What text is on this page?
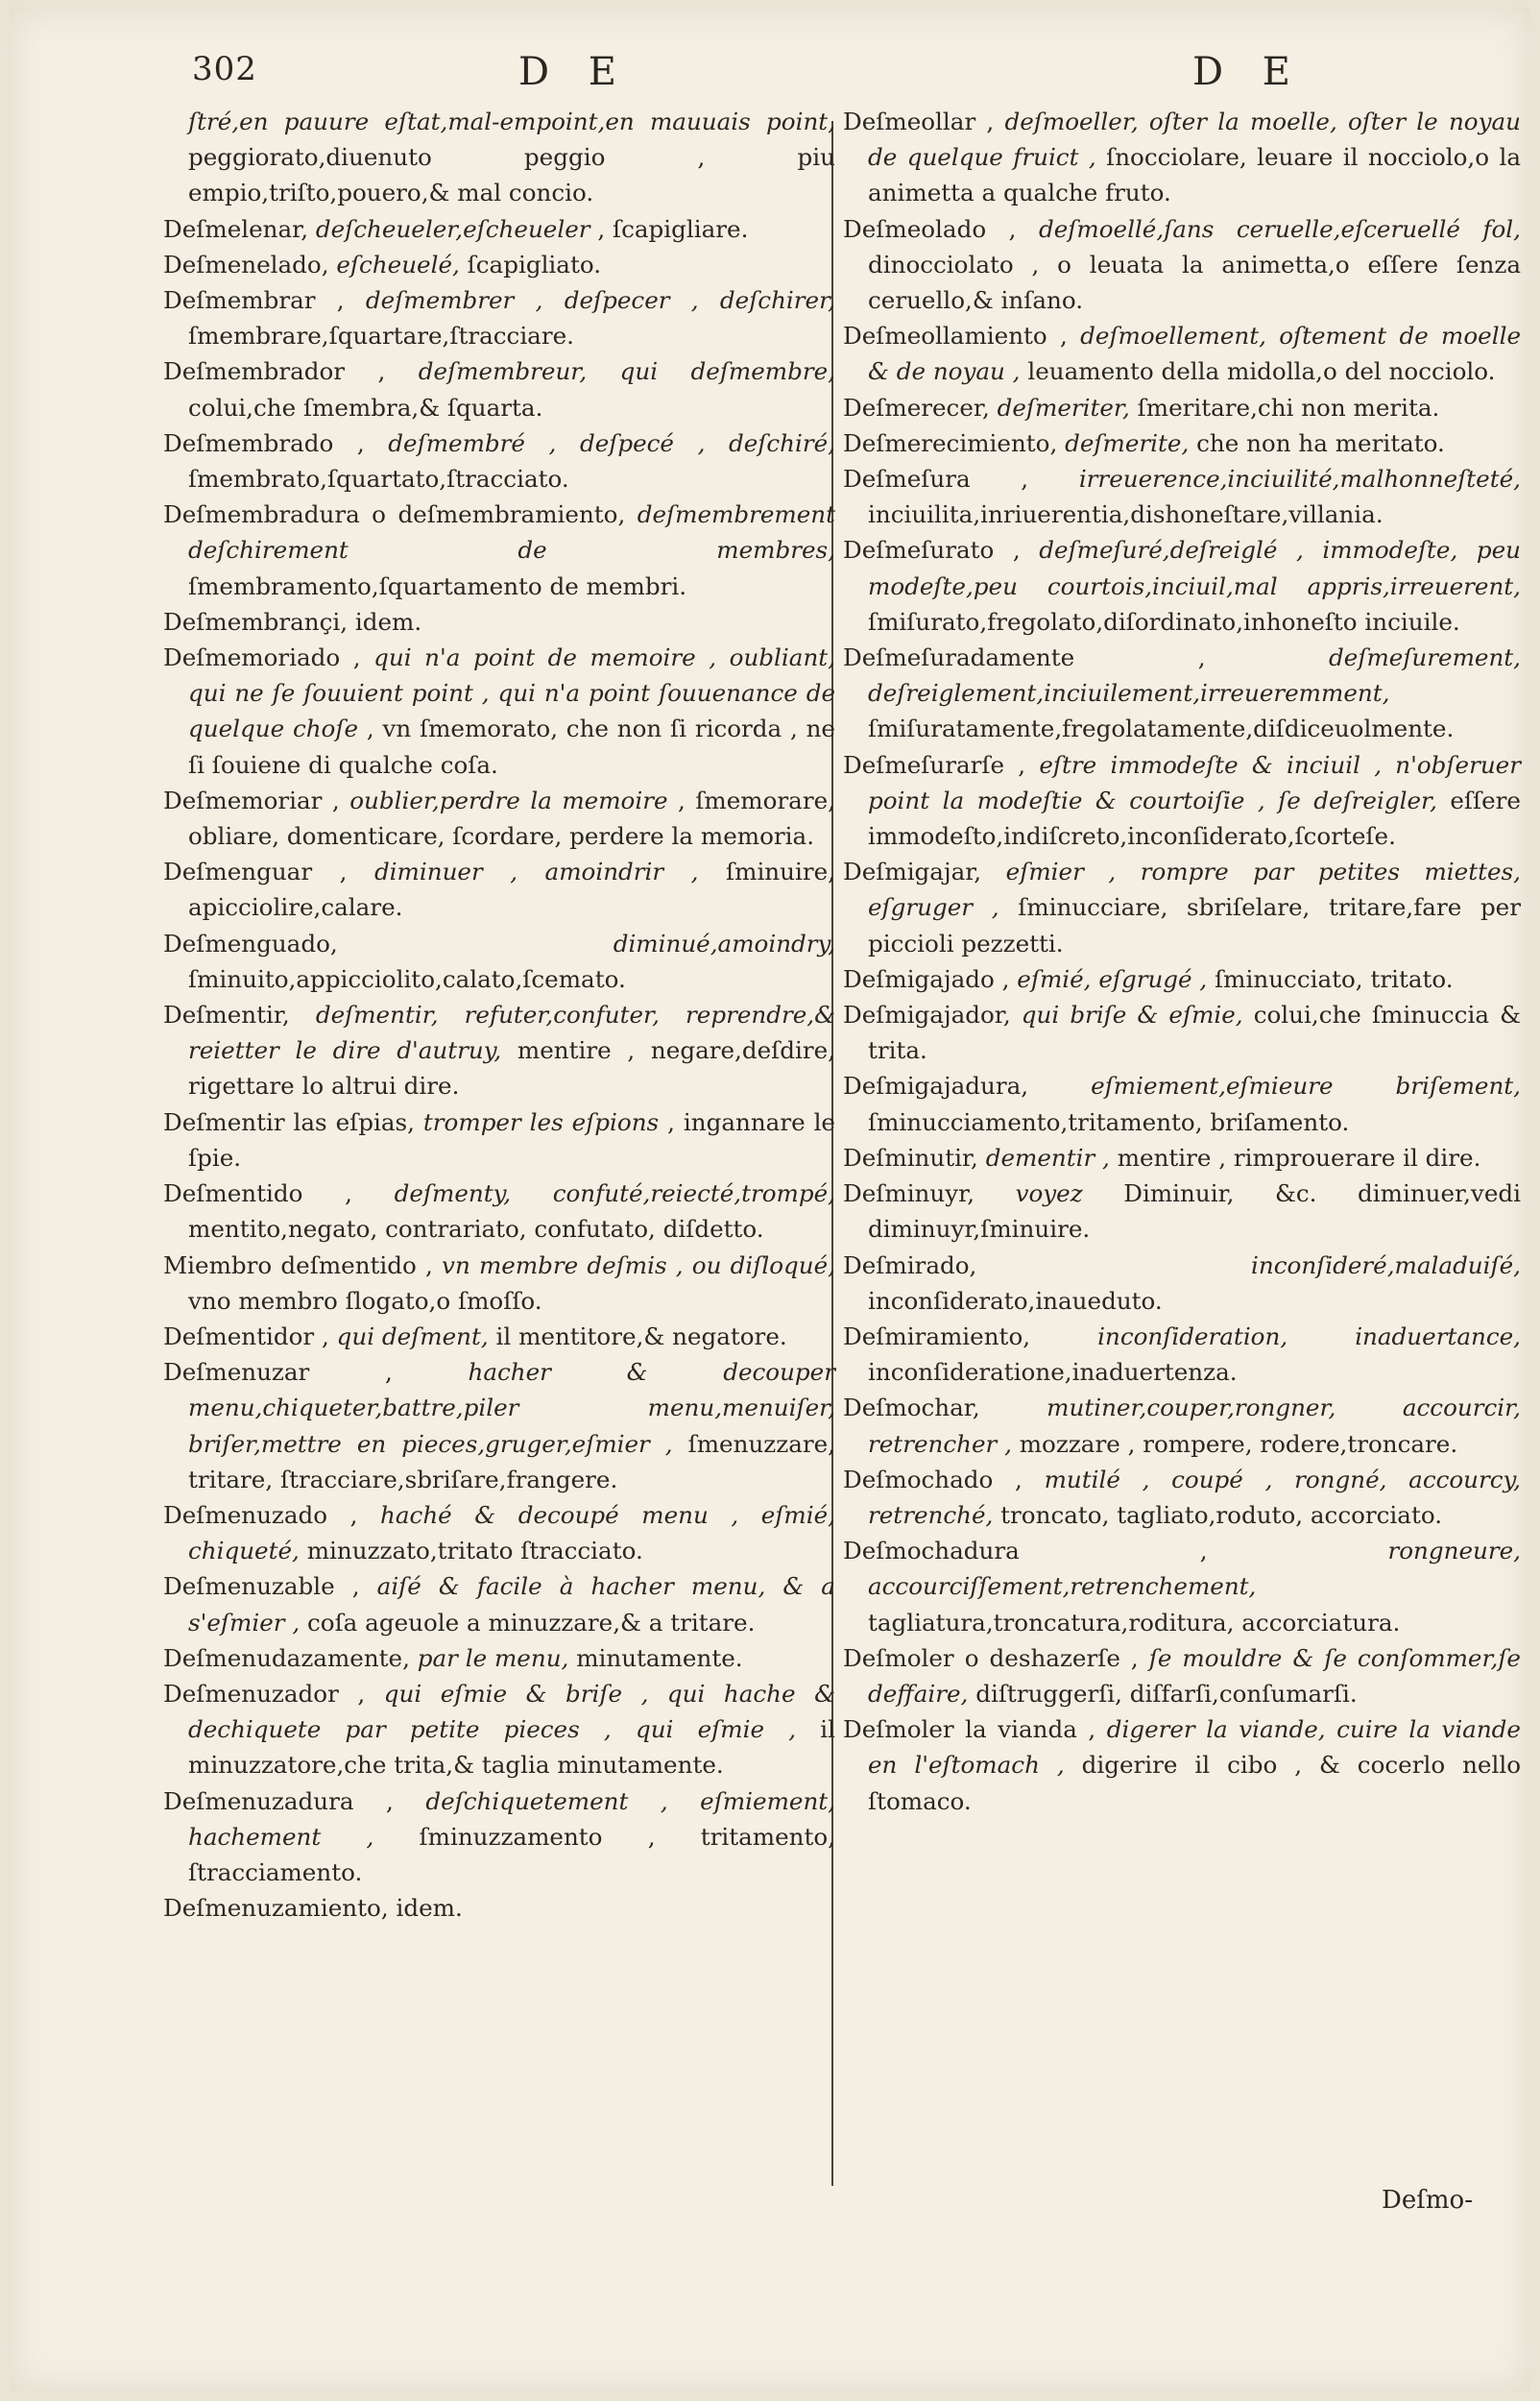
302	D E	D E

ſtré,en pauure eſtat,mal-empoint,en mauuais point, peggiorato,diuenuto peggio , piu empio,triſto,pouero,& mal concio.

Deſmelenar, deſcheueler,eſcheueler , ſcapigliare.

Deſmenelado, eſcheuelé, ſcapigliato.

Deſmembrar , deſmembrer , deſpecer , deſchirer, ſmembrare,ſquartare,ſtracciare.

Deſmembrador , deſmembreur, qui deſmembre, colui,che ſmembra,& ſquarta.

Deſmembrado , deſmembré , deſpecé , deſchiré, ſmembrato,ſquartato,ſtracciato.

Deſmembradura o deſmembramiento, deſmembrement deſchirement de membres, ſmembramento,ſquartamento de membri.

Deſmembrançi, idem.

Deſmemoriado , qui n'a point de memoire , oubliant, qui ne ſe ſouuient point , qui n'a point ſouuenance de quelque choſe , vn ſmemorato, che non ſi ricorda , ne ſi ſouiene di qualche coſa.

Deſmemoriar , oublier,perdre la memoire , ſmemorare, obliare, domenticare, ſcordare, perdere la memoria.

Deſmenguar , diminuer , amoindrir , ſminuire, apicciolire,calare.

Deſmenguado,	diminué,amoindry, ſminuito,appicciolito,calato,ſcemato.

Deſmentir, deſmentir, refuter,confuter, reprendre,& reietter le dire d'autruy, mentire , negare,deſdire, rigettare lo altrui dire.

Deſmentir las eſpias, tromper les eſpions , ingannare le ſpie.

Deſmentido , deſmenty, confuté,reiecté,trompé, mentito,negato, contrariato, confutato, diſdetto.

Miembro deſmentido , vn membre deſmis , ou diſloqué, vno membro ſlogato,o ſmoſſo.

Deſmentidor , qui deſment, il mentitore,& negatore.

Deſmenuzar ,	hacher & decouper menu,chiqueter,battre,piler menu,menuiſer, briſer,mettre en pieces,gruger,eſmier , ſmenuzzare, tritare, ſtracciare,sbriſare,frangere.

Deſmenuzado , haché & decoupé menu , eſmié, chiqueté, minuzzato,tritato ſtracciato.

Deſmenuzable , aiſé & facile à hacher menu, & a s'eſmier , coſa ageuole a minuzzare,& a tritare.

Deſmenudazamente, par le menu, minutamente.

Deſmenuzador , qui eſmie & briſe , qui hache & dechiquete par petite pieces , qui eſmie , il minuzzatore,che trita,& taglia minutamente.

Deſmenuzadura , deſchiquetement , eſmiement, hachement , ſminuzzamento , tritamento, ſtracciamento.

Deſmenuzamiento, idem.

Deſmeollar , deſmoeller, oſter la moelle, oſter le noyau de quelque fruict , ſnocciolare, leuare il nocciolo,o la animetta a qualche fruto.

Deſmeolado , deſmoellé,ſans ceruelle,eſceruellé fol, dinocciolato , o leuata la animetta,o eſſere ſenza ceruello,& inſano.

Deſmeollamiento , deſmoellement, oſtement de moelle & de noyau , leuamento della midolla,o del nocciolo.

Deſmerecer, deſmeriter, ſmeritare,chi non merita.

Deſmerecimiento, deſmerite, che non ha meritato.

Deſmeſura , irreuerence,inciuilité,malhonneſteté, inciuilita,inriuerentia,dishoneſtare,villania.

Deſmeſurato , deſmeſuré,deſreiglé , immodeſte, peu modeſte,peu courtois,inciuil,mal appris,irreuerent, ſmiſurato,fregolato,diſordinato,inhoneſto inciuile.

Deſmeſuradamente ,	deſmeſurement, deſreiglement,inciuilement,irreueremment, ſmiſuratamente,fregolatamente,diſdiceuolmente.

Deſmeſurarſe , eſtre immodeſte & inciuil , n'obſeruer point la modeſtie & courtoiſie , ſe deſreigler, eſſere immodeſto,indiſcreto,inconſiderato,ſcorteſe.

Deſmigajar, eſmier , rompre par petites miettes, eſgruger , ſminucciare, sbriſelare, tritare,fare per piccioli pezzetti.

Deſmigajado , eſmié, eſgrugé , ſminucciato, tritato.

Deſmigajador, qui briſe & eſmie, colui,che ſminuccia & trita.

Deſmigajadura,	eſmiement,eſmieure briſement, ſminucciamento,tritamento, briſamento.

Deſminutir, dementir , mentire , rimprouerare il dire.

Deſminuyr, voyez Diminuir, &c. diminuer,vedi diminuyr,ſminuire.

Deſmirado,	inconſideré,maladuiſé, inconſiderato,inaueduto.

Deſmiramiento,	inconſideration, inaduertance, inconſideratione,inaduertenza.

Deſmochar,	mutiner,couper,rongner, accourcir, retrencher , mozzare , rompere, rodere,troncare.

Deſmochado , mutilé , coupé , rongné, accourcy, retrenché, troncato, tagliato,roduto, accorciato.

Deſmochadura ,	rongneure, accourciſſement,retrenchement, tagliatura,troncatura,roditura, accorciatura.

Deſmoler o deshazerſe , ſe mouldre & ſe conſommer,ſe deffaire, diſtruggerſi, diſfarſi,conſumarſi.

Deſmoler la vianda , digerer la viande, cuire la viande en l'eſtomach , digerire il cibo , & cocerlo nello ſtomaco.

Deſmo-
